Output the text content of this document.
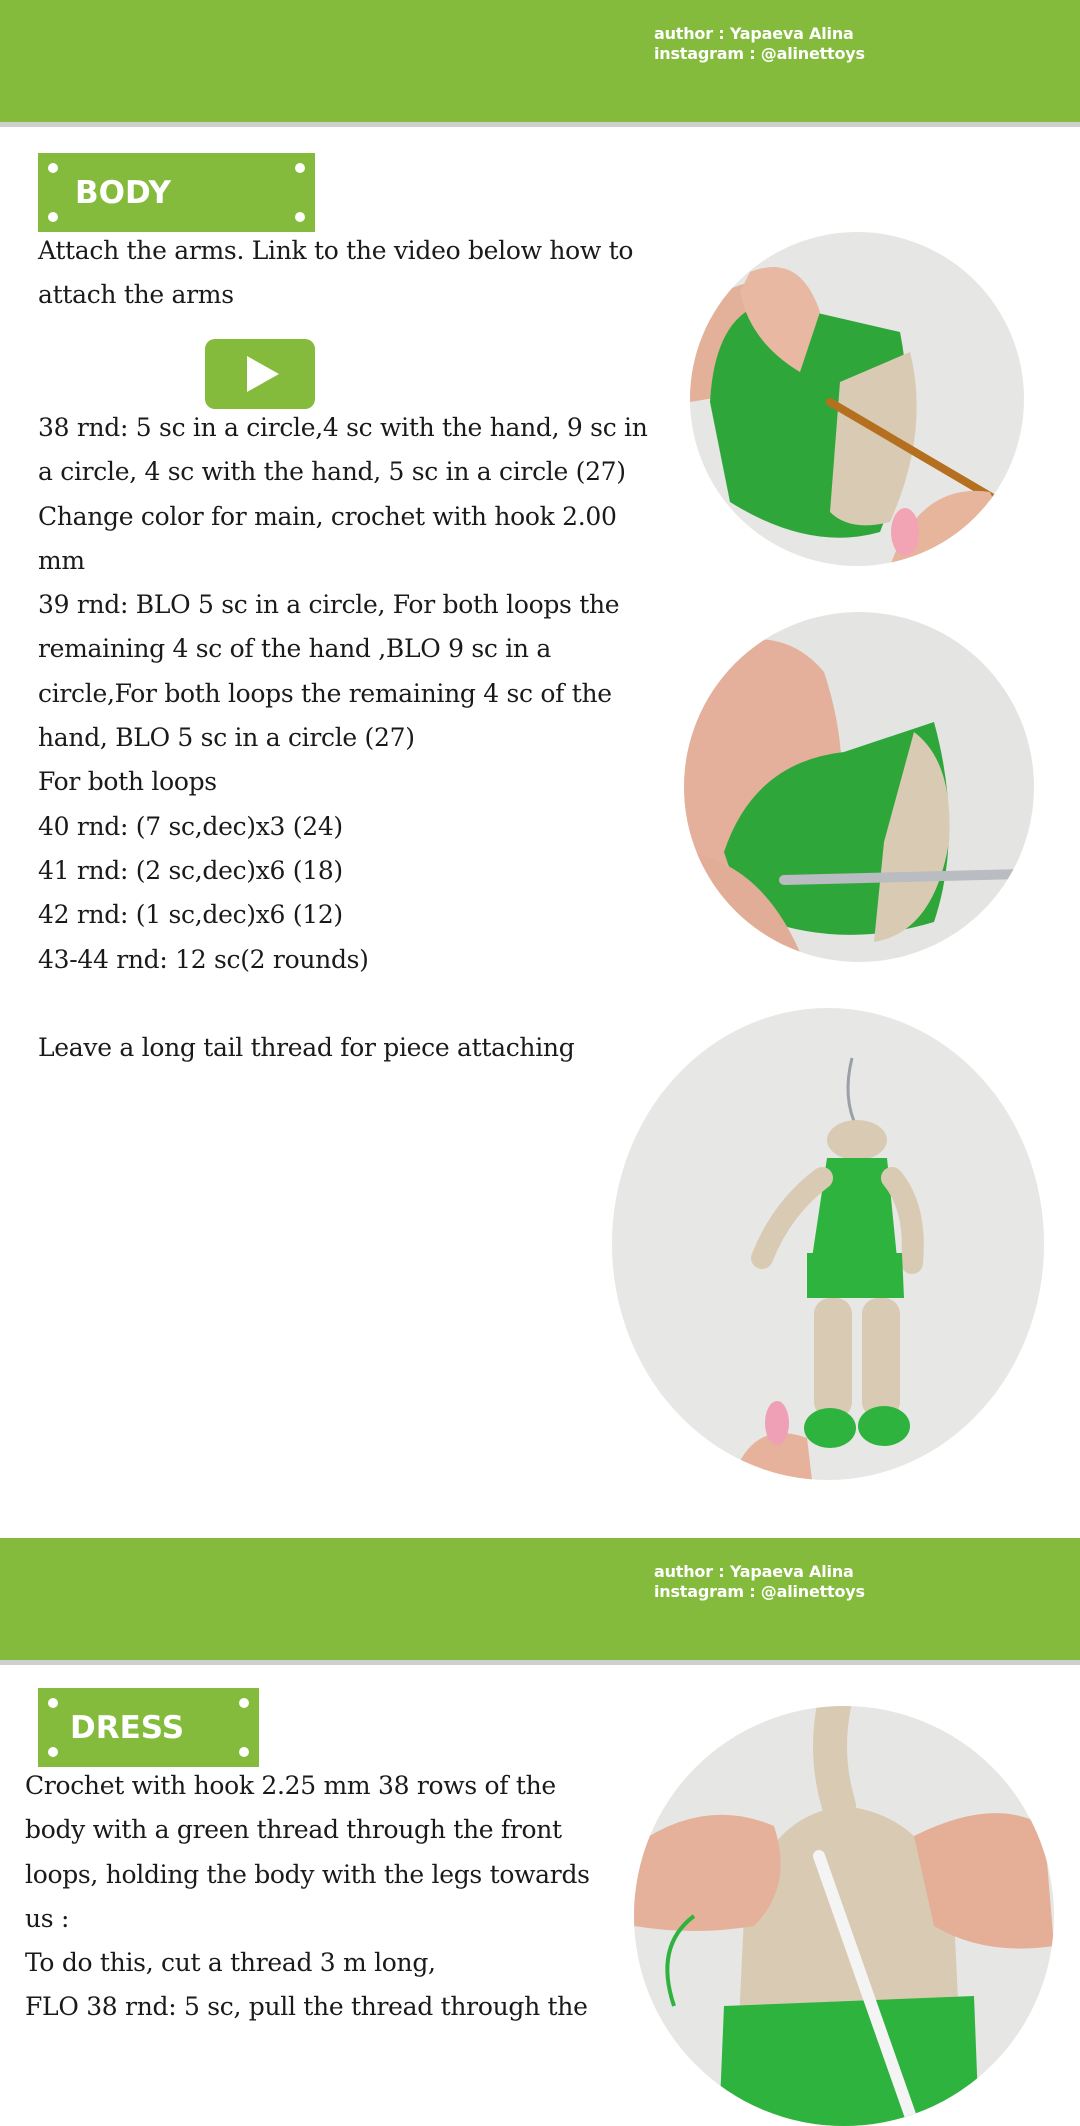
author : Yapaeva Alina
instagram : @alinettoys
BODY
Attach the arms. Link to the video below how to attach the arms

38 rnd: 5 sc in a circle,4 sc with the hand, 9 sc in

a circle, 4 sc with the hand, 5 sc in a circle (27)

Change color for main, crochet with hook 2.00

mm

39 rnd: BLO 5 sc in a circle, For both loops the

remaining 4 sc of the hand ,BLO 9 sc in a

circle,For both loops the remaining 4 sc of the

hand, BLO 5 sc in a circle (27)

For both loops

40 rnd: (7 sc,dec)x3 (24)

41 rnd: (2 sc,dec)x6 (18)

42 rnd: (1 sc,dec)x6 (12)

43-44 rnd: 12 sc(2 rounds)

Leave a long tail thread for piece attaching
author : Yapaeva Alina
instagram : @alinettoys
DRESS

Crochet with hook 2.25 mm 38 rows of the

body with a green thread through the front

loops, holding the body with the legs towards

us :

To do this, cut a thread 3 m long,

FLO 38 rnd: 5 sc, pull the thread through the
